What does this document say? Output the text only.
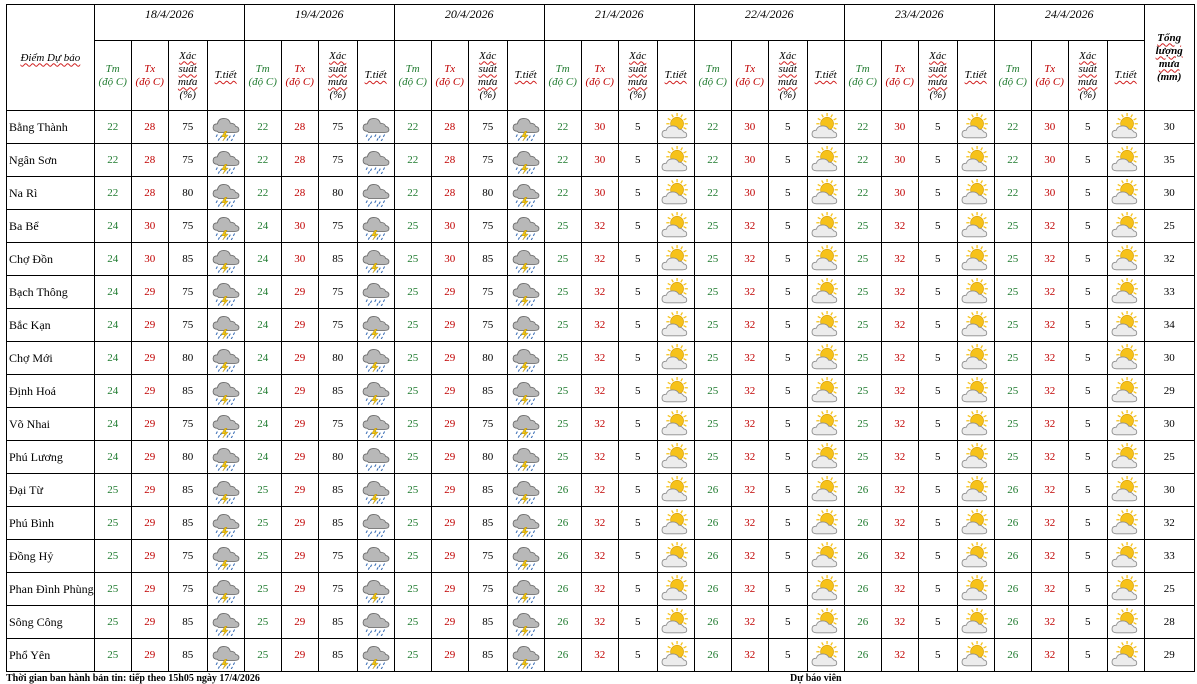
Điểm Dự báo	18/4/2026				19/4/2026				20/4/2026				21/4/2026				22/4/2026				23/4/2026				24/4/2026				Tổng
lượng
mưa
(mm)
	Tm
(độ C)	Tx
(độ C)	Xác
suất
mưa
(%)	T.tiết	Tm
(độ C)	Tx
(độ C)	Xác
suất
mưa
(%)	T.tiết	Tm
(độ C)	Tx
(độ C)	Xác
suất
mưa
(%)	T.tiết	Tm
(độ C)	Tx
(độ C)	Xác
suất
mưa
(%)	T.tiết	Tm
(độ C)	Tx
(độ C)	Xác
suất
mưa
(%)	T.tiết	Tm
(độ C)	Tx
(độ C)	Xác
suất
mưa
(%)	T.tiết	Tm
(độ C)	Tx
(độ C)	Xác
suất
mưa
(%)	T.tiết	
Bằng Thành	22	28	75		22	28	75		22	28	75		22	30	5		22	30	5		22	30	5		22	30	5		30
Ngân Sơn	22	28	75		22	28	75		22	28	75		22	30	5		22	30	5		22	30	5		22	30	5		35
Na Rì	22	28	80		22	28	80		22	28	80		22	30	5		22	30	5		22	30	5		22	30	5		30
Ba Bể	24	30	75		24	30	75		25	30	75		25	32	5		25	32	5		25	32	5		25	32	5		25
Chợ Đồn	24	30	85		24	30	85		25	30	85		25	32	5		25	32	5		25	32	5		25	32	5		32
Bạch Thông	24	29	75		24	29	75		25	29	75		25	32	5		25	32	5		25	32	5		25	32	5		33
Bắc Kạn	24	29	75		24	29	75		25	29	75		25	32	5		25	32	5		25	32	5		25	32	5		34
Chợ Mới	24	29	80		24	29	80		25	29	80		25	32	5		25	32	5		25	32	5		25	32	5		30
Định Hoá	24	29	85		24	29	85		25	29	85		25	32	5		25	32	5		25	32	5		25	32	5		29
Võ Nhai	24	29	75		24	29	75		25	29	75		25	32	5		25	32	5		25	32	5		25	32	5		30
Phú Lương	24	29	80		24	29	80		25	29	80		25	32	5		25	32	5		25	32	5		25	32	5		25
Đại Từ	25	29	85		25	29	85		25	29	85		26	32	5		26	32	5		26	32	5		26	32	5		30
Phú Bình	25	29	85		25	29	85		25	29	85		26	32	5		26	32	5		26	32	5		26	32	5		32
Đồng Hỷ	25	29	75		25	29	75		25	29	75		26	32	5		26	32	5		26	32	5		26	32	5		33
Phan Đình Phùng	25	29	75		25	29	75		25	29	75		26	32	5		26	32	5		26	32	5		26	32	5		25
Sông Công	25	29	85		25	29	85		25	29	85		26	32	5		26	32	5		26	32	5		26	32	5		28
Phổ Yên	25	29	85		25	29	85		25	29	85		26	32	5		26	32	5		26	32	5		26	32	5		29
Thời gian ban hành bản tin: tiếp theo 15h05 ngày 17/4/2026	Dự báo viên
